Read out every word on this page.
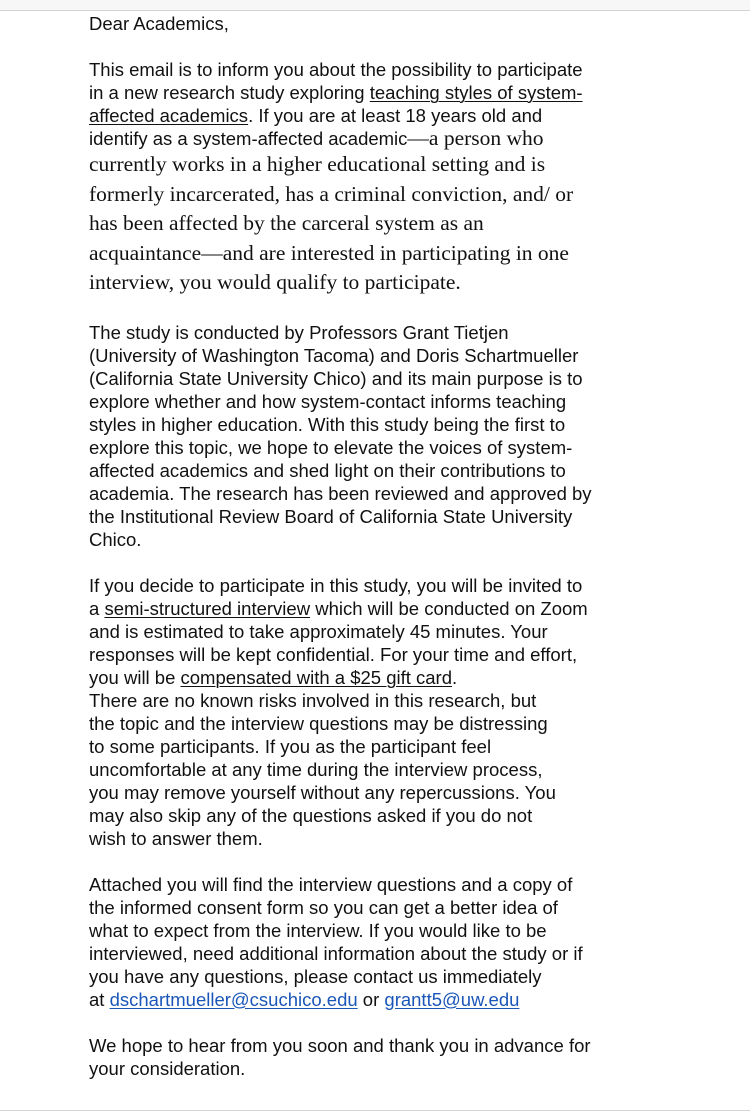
Dear Academics,
This email is to inform you about the possibility to participate
in a new research study exploring teaching styles of system-
affected academics. If you are at least 18 years old and
identify as a system-affected academic—a person who
currently works in a higher educational setting and is
formerly incarcerated, has a criminal conviction, and/ or
has been affected by the carceral system as an
acquaintance—and are interested in participating in one
interview, you would qualify to participate.
The study is conducted by Professors Grant Tietjen
(University of Washington Tacoma) and Doris Schartmueller
(California State University Chico) and its main purpose is to
explore whether and how system-contact informs teaching
styles in higher education. With this study being the first to
explore this topic, we hope to elevate the voices of system-
affected academics and shed light on their contributions to
academia. The research has been reviewed and approved by
the Institutional Review Board of California State University
Chico.
If you decide to participate in this study, you will be invited to
a semi-structured interview which will be conducted on Zoom
and is estimated to take approximately 45 minutes. Your
responses will be kept confidential. For your time and effort,
you will be compensated with a $25 gift card.
There are no known risks involved in this research, but
the topic and the interview questions may be distressing
to some participants. If you as the participant feel
uncomfortable at any time during the interview process,
you may remove yourself without any repercussions. You
may also skip any of the questions asked if you do not
wish to answer them.
Attached you will find the interview questions and a copy of
the informed consent form so you can get a better idea of
what to expect from the interview. If you would like to be
interviewed, need additional information about the study or if
you have any questions, please contact us immediately
at dschartmueller@csuchico.edu or grantt5@uw.edu
We hope to hear from you soon and thank you in advance for
your consideration.
